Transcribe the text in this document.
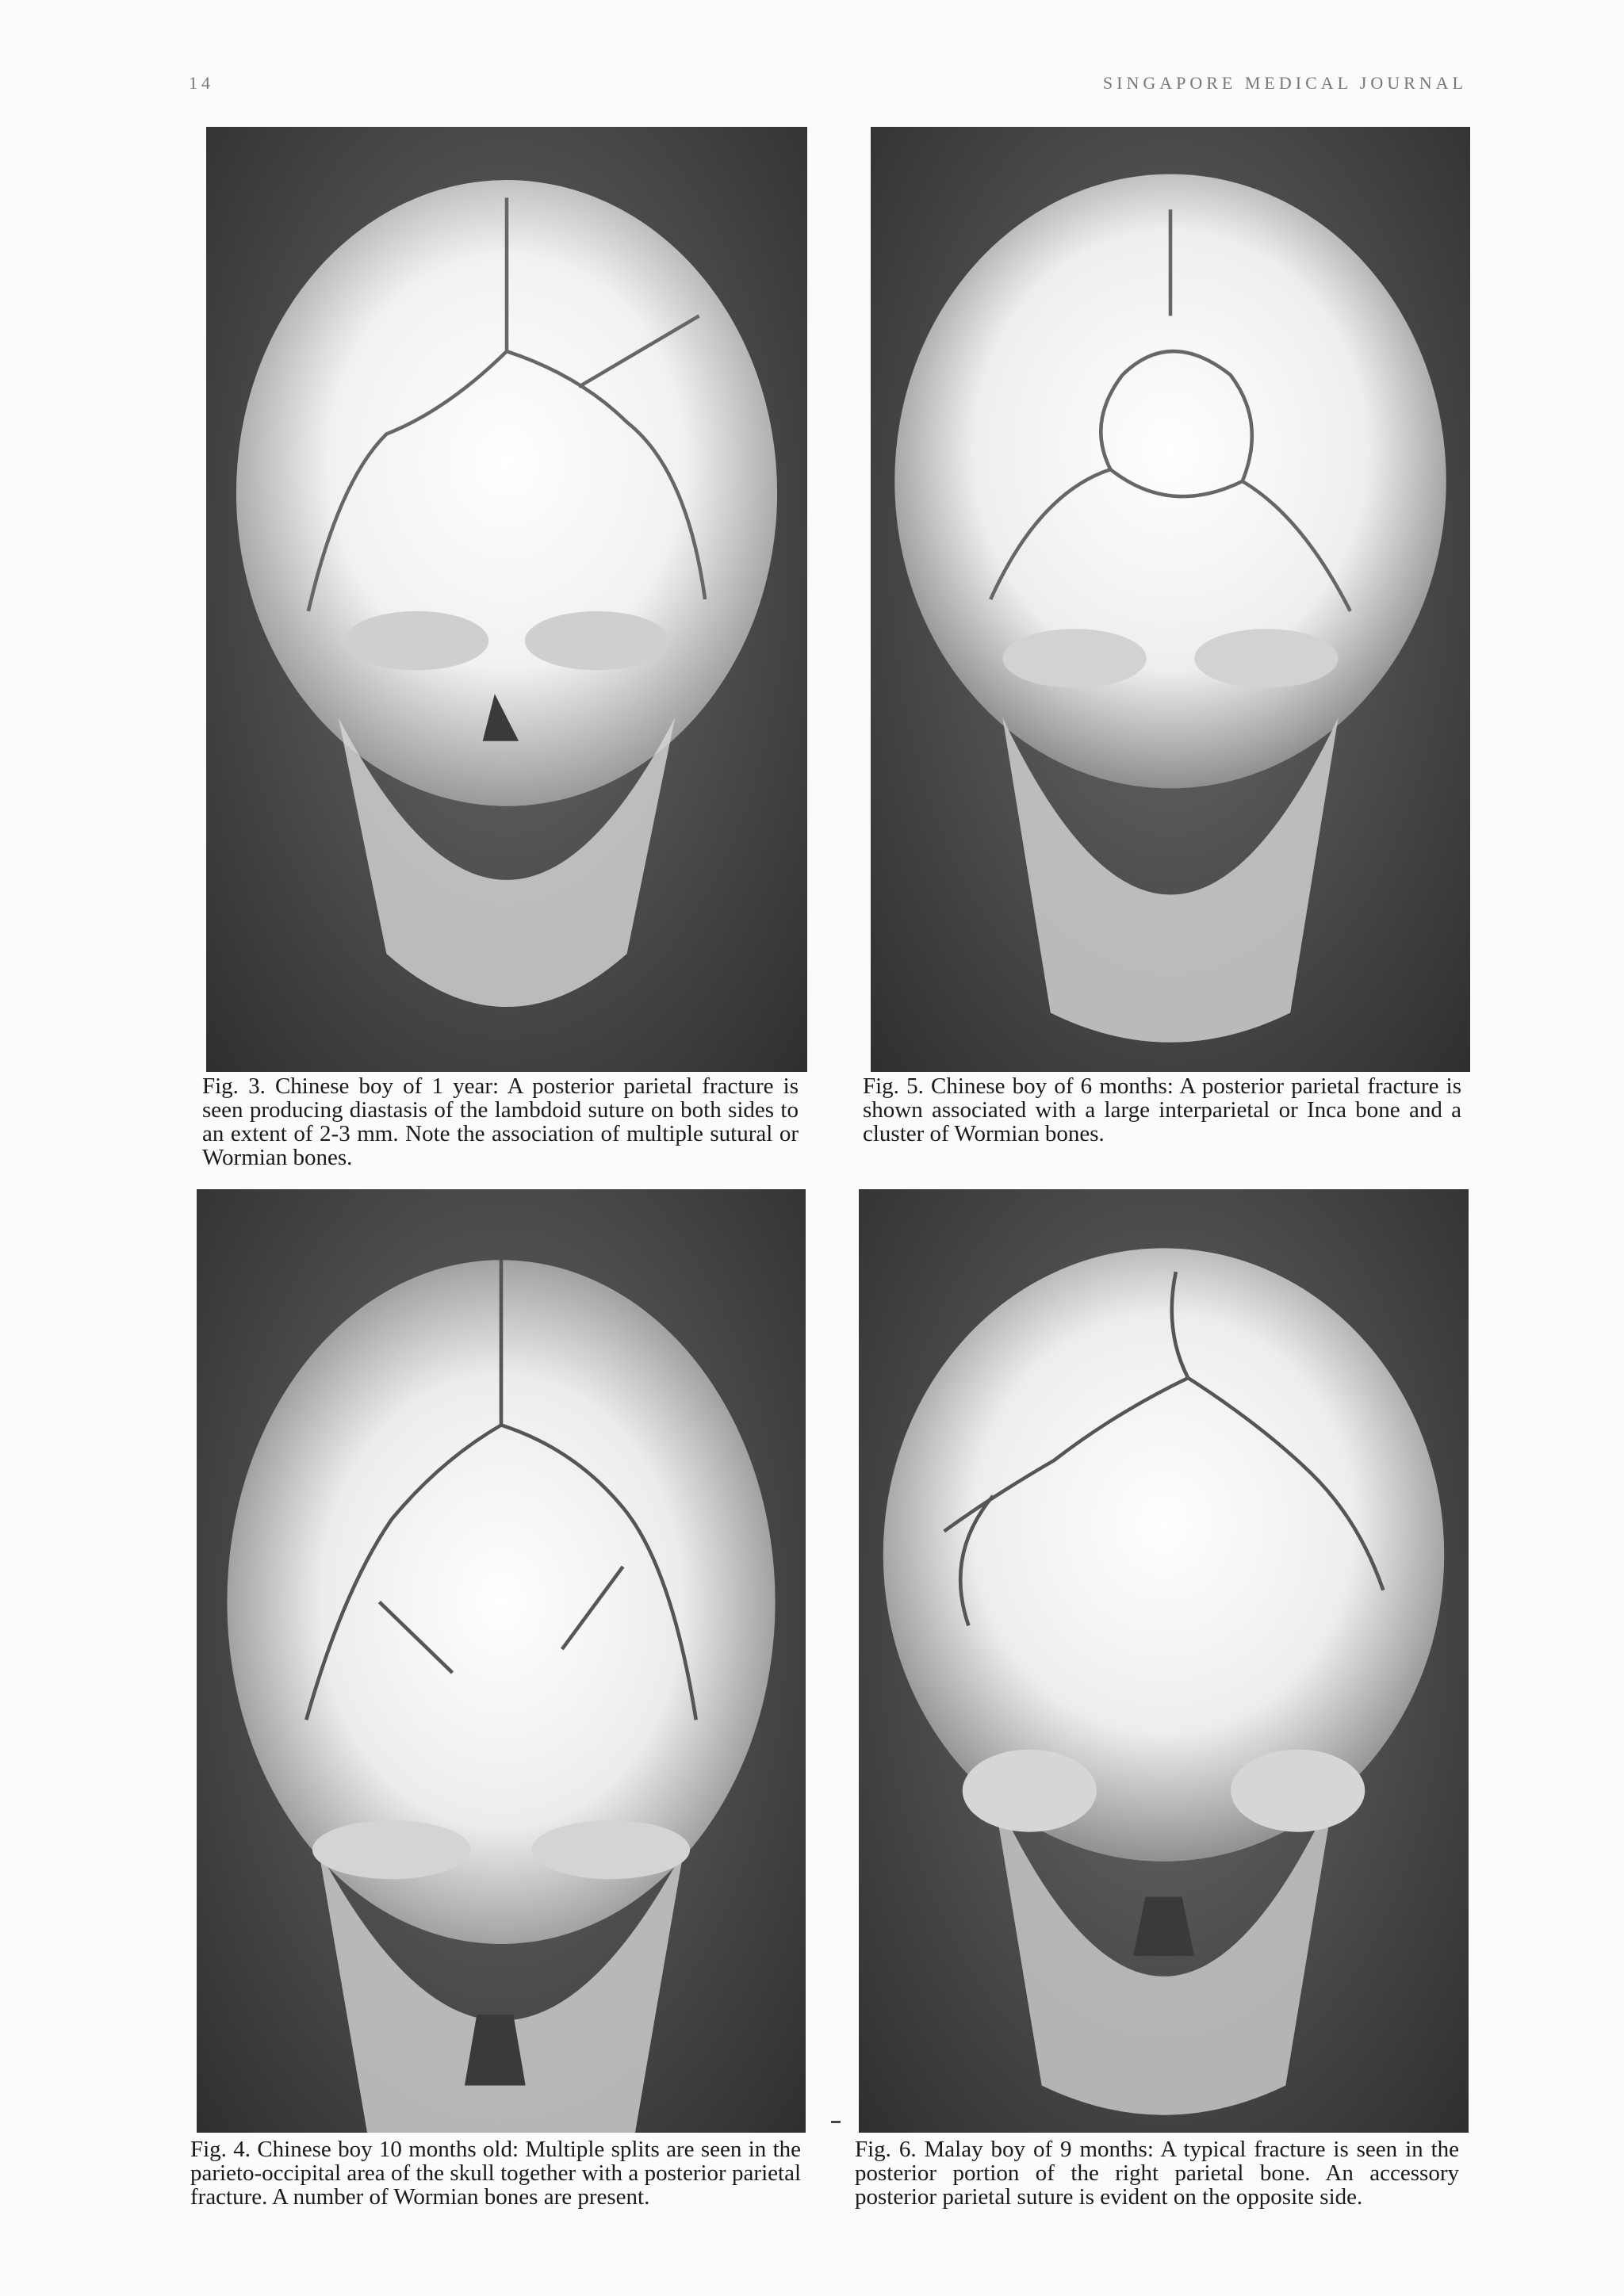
14	SINGAPORE MEDICAL JOURNAL

Fig. 3. Chinese boy of 1 year: A posterior parietal fracture is seen producing diastasis of the lambdoid suture on both sides to an extent of 2-3 mm. Note the association of multiple sutural or Wormian bones.

Fig. 5. Chinese boy of 6 months: A posterior parietal fracture is shown associated with a large interparietal or Inca bone and a cluster of Wormian bones.

Fig. 4. Chinese boy 10 months old: Multiple splits are seen in the parieto-occipital area of the skull together with a posterior parietal fracture. A number of Wormian bones are present.

Fig. 6. Malay boy of 9 months: A typical fracture is seen in the posterior portion of the right parietal bone. An accessory posterior parietal suture is evident on the opposite side.
